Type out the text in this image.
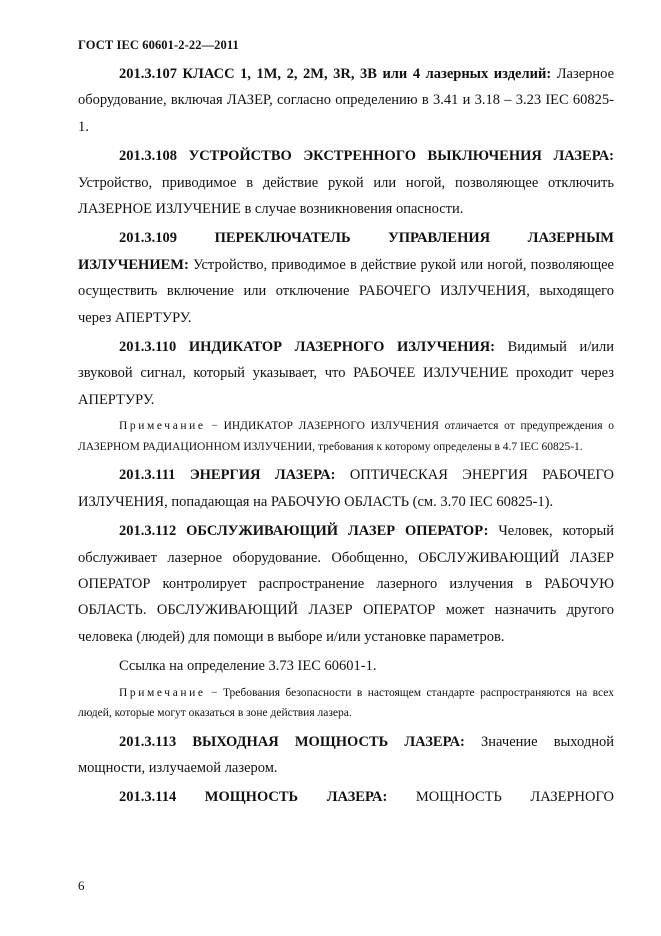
ГОСТ IEC 60601-2-22—2011

201.3.107 КЛАСС 1, 1М, 2, 2М, 3R, 3В или 4 лазерных изделий: Лазерное оборудование, включая ЛАЗЕР, согласно определению в 3.41 и 3.18 – 3.23 IEC 60825-1.

201.3.108 УСТРОЙСТВО ЭКСТРЕННОГО ВЫКЛЮЧЕНИЯ ЛАЗЕРА: Устройство, приводимое в действие рукой или ногой, позволяющее отключить ЛАЗЕРНОЕ ИЗЛУЧЕНИЕ в случае возникновения опасности.

201.3.109 ПЕРЕКЛЮЧАТЕЛЬ УПРАВЛЕНИЯ ЛАЗЕРНЫМ ИЗЛУЧЕНИЕМ: Устройство, приводимое в действие рукой или ногой, позволяющее осуществить включение или отключение РАБОЧЕГО ИЗЛУЧЕНИЯ, выходящего через АПЕРТУРУ.

201.3.110 ИНДИКАТОР ЛАЗЕРНОГО ИЗЛУЧЕНИЯ: Видимый и/или звуковой сигнал, который указывает, что РАБОЧЕЕ ИЗЛУЧЕНИЕ проходит через АПЕРТУРУ.

Примечание − ИНДИКАТОР ЛАЗЕРНОГО ИЗЛУЧЕНИЯ отличается от предупреждения о ЛАЗЕРНОМ РАДИАЦИОННОМ ИЗЛУЧЕНИИ, требования к которому определены в 4.7 IEC 60825-1.

201.3.111 ЭНЕРГИЯ ЛАЗЕРА: ОПТИЧЕСКАЯ ЭНЕРГИЯ РАБОЧЕГО ИЗЛУЧЕНИЯ, попадающая на РАБОЧУЮ ОБЛАСТЬ (см. 3.70 IEC 60825-1).

201.3.112 ОБСЛУЖИВАЮЩИЙ ЛАЗЕР ОПЕРАТОР: Человек, который обслуживает лазерное оборудование. Обобщенно, ОБСЛУЖИВАЮЩИЙ ЛАЗЕР ОПЕРАТОР контролирует распространение лазерного излучения в РАБОЧУЮ ОБЛАСТЬ. ОБСЛУЖИВАЮЩИЙ ЛАЗЕР ОПЕРАТОР может назначить другого человека (людей) для помощи в выборе и/или установке параметров.

Ссылка на определение 3.73 IEC 60601-1.

Примечание − Требования безопасности в настоящем стандарте распространяются на всех людей, которые могут оказаться в зоне действия лазера.

201.3.113 ВЫХОДНАЯ МОЩНОСТЬ ЛАЗЕРА: Значение выходной мощности, излучаемой лазером.

201.3.114 МОЩНОСТЬ ЛАЗЕРА: МОЩНОСТЬ ЛАЗЕРНОГО

6
